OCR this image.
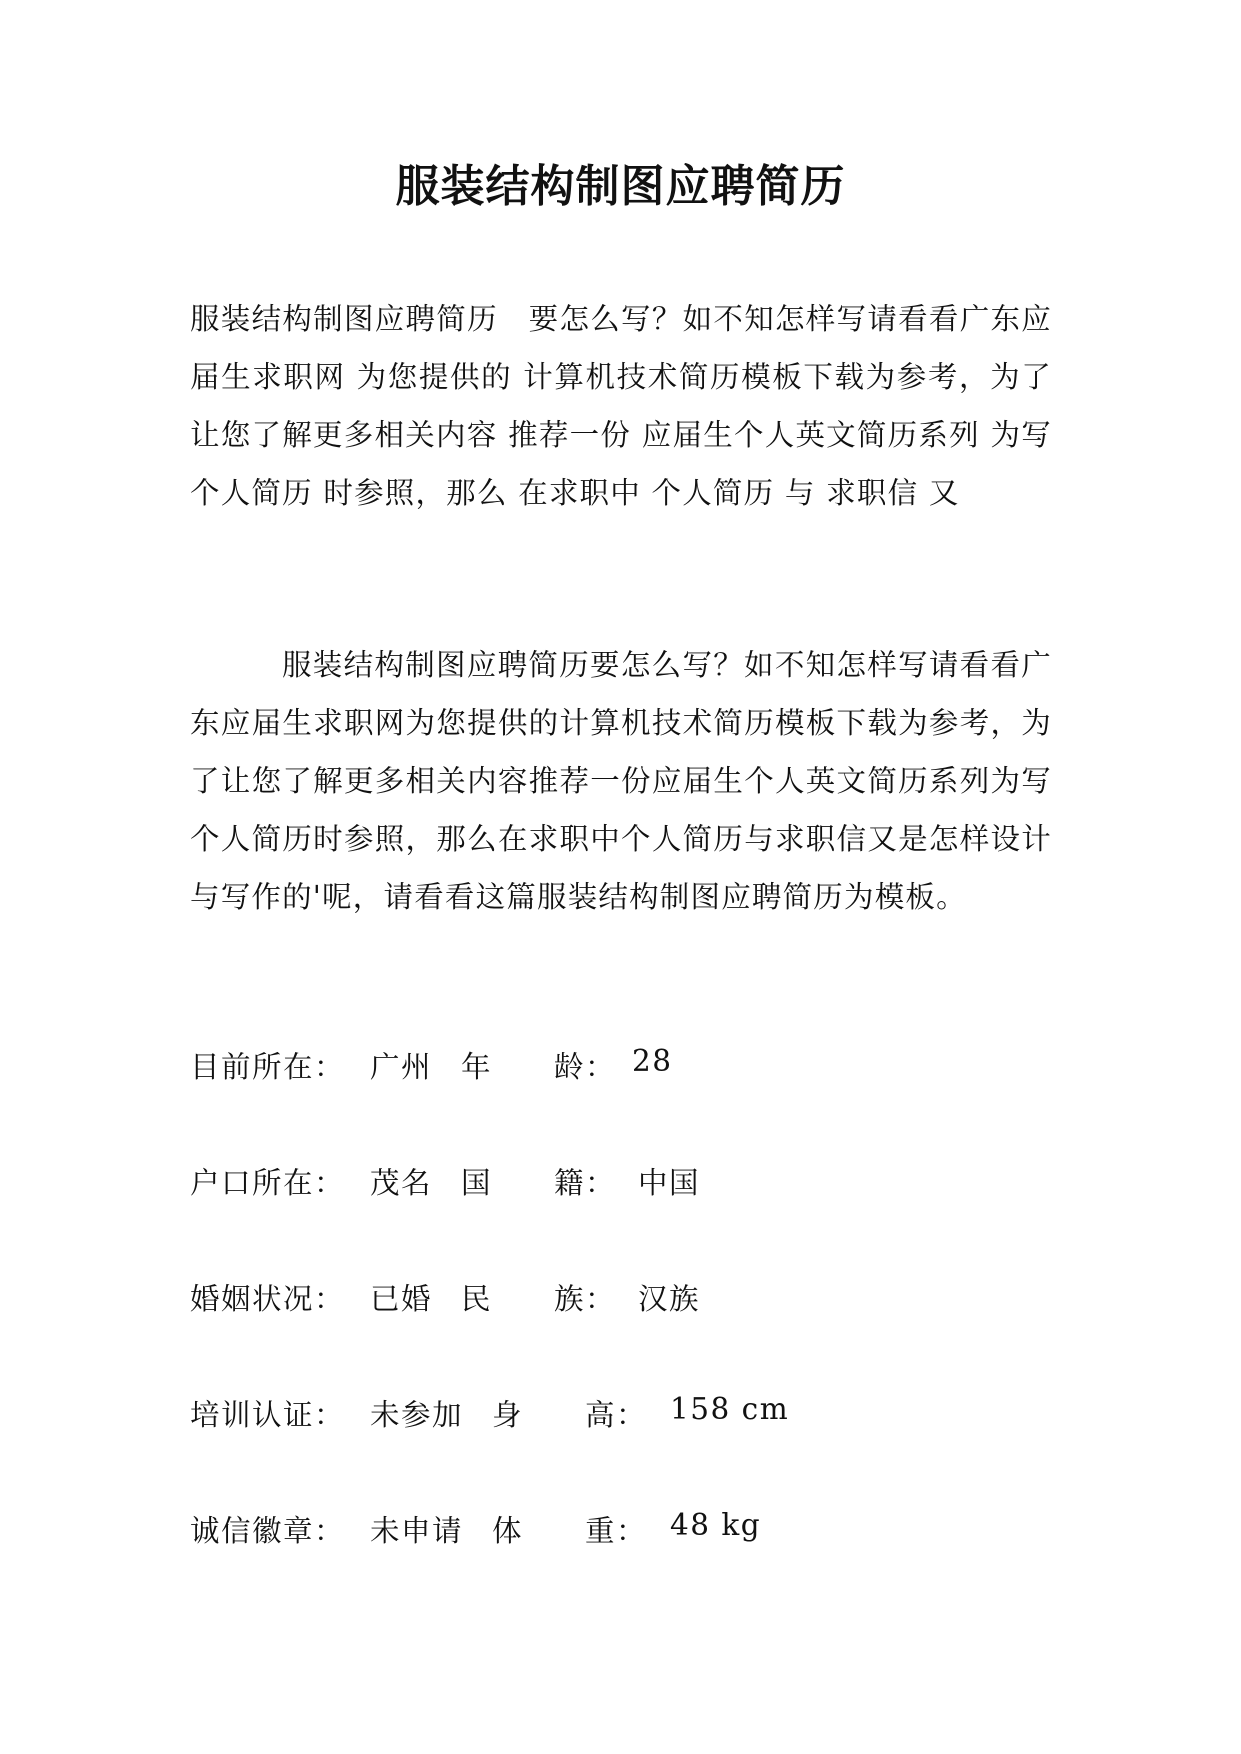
服装结构制图应聘简历

服装结构制图应聘简历　要怎么写？如不知怎样写请看看广东应届生求职网 为您提供的 计算机技术简历模板下载为参考，为了让您了解更多相关内容 推荐一份 应届生个人英文简历系列 为写 个人简历 时参照，那么 在求职中 个人简历 与 求职信 又

服装结构制图应聘简历要怎么写？如不知怎样写请看看广东应届生求职网为您提供的计算机技术简历模板下载为参考，为了让您了解更多相关内容推荐一份应届生个人英文简历系列为写个人简历时参照，那么在求职中个人简历与求职信又是怎样设计与写作的'呢，请看看这篇服装结构制图应聘简历为模板。

目前所在： 广州 年　　龄： 28
户口所在： 茂名 国　　籍： 中国
婚姻状况： 已婚 民　　族： 汉族
培训认证： 未参加 身　　高： 158 cm
诚信徽章： 未申请 体　　重： 48 kg
